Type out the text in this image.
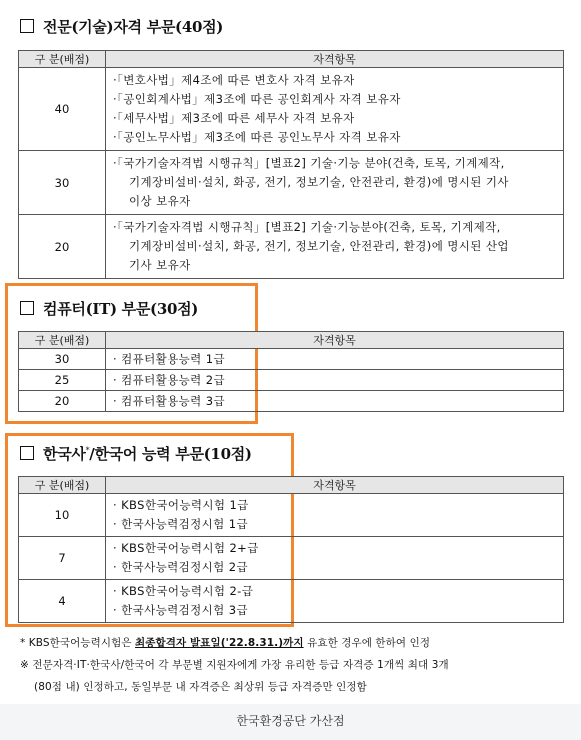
전문(기술)자격 부문(40점)
구 분(배점)	자격항목
40	·「변호사법」제4조에 따른 변호사 자격 보유자
·「공인회계사법」제3조에 따른 공인회계사 자격 보유자
·「세무사법」제3조에 따른 세무사 자격 보유자
·「공인노무사법」제3조에 따른 공인노무사 자격 보유자

30	·「국가기술자격법 시행규칙」[별표2] 기술·기능 분야(건축, 토목, 기계제작,
기계장비설비·설치, 화공, 전기, 정보기술, 안전관리, 환경)에 명시된 기사
이상 보유자

20	·「국가기술자격법 시행규칙」[별표2] 기술·기능분야(건축, 토목, 기계제작,
기계장비설비·설치, 화공, 전기, 정보기술, 안전관리, 환경)에 명시된 산업
기사 보유자
컴퓨터(IT) 부문(30점)
구 분(배점)	자격항목
30	· 컴퓨터활용능력 1급

25	· 컴퓨터활용능력 2급

20	· 컴퓨터활용능력 3급
한국사*/한국어 능력 부문(10점)
구 분(배점)	자격항목
10	· KBS한국어능력시험 1급
· 한국사능력검정시험 1급

7	· KBS한국어능력시험 2+급
· 한국사능력검정시험 2급

4	· KBS한국어능력시험 2-급
· 한국사능력검정시험 3급
* KBS한국어능력시험은 최종합격자 발표일('22.8.31.)까지 유효한 경우에 한하여 인정
※ 전문자격·IT·한국사/한국어 각 부문별 지원자에게 가장 유리한 등급 자격증 1개씩 최대 3개
(80점 내) 인정하고, 동일부문 내 자격증은 최상위 등급 자격증만 인정함
한국환경공단 가산점
